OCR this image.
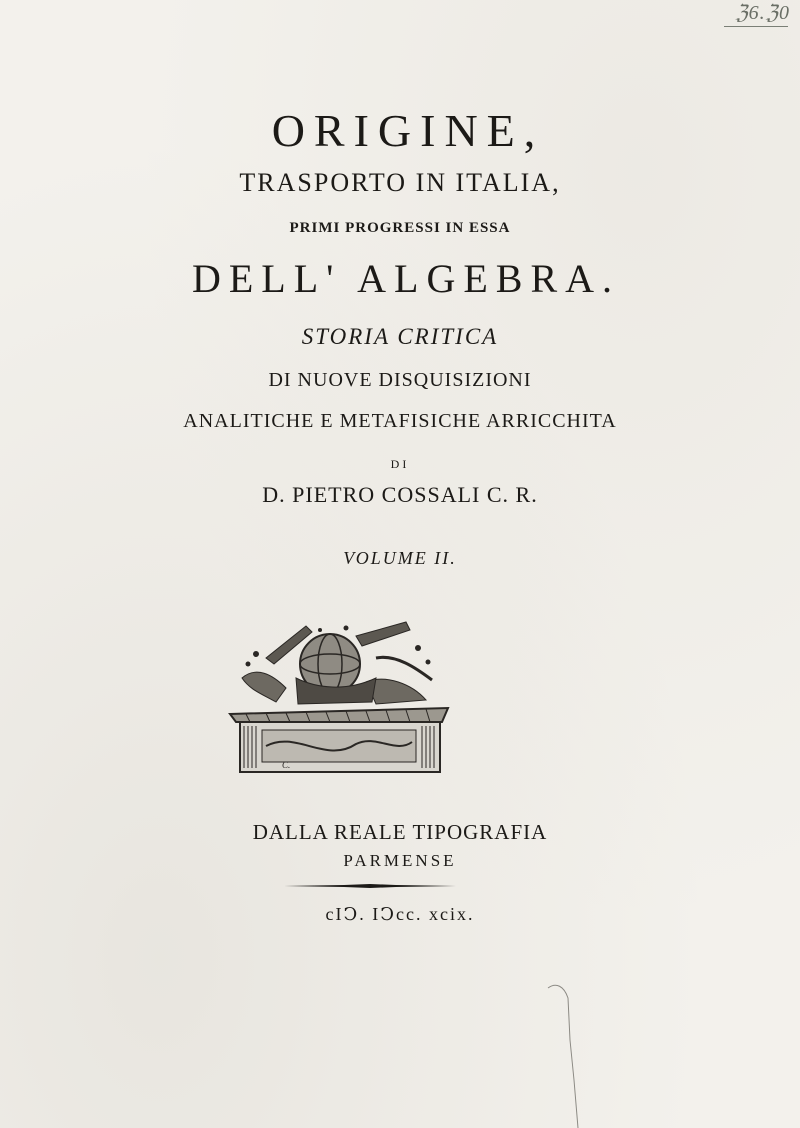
ℨ6.ℨ0
ORIGINE,
TRASPORTO IN ITALIA,
PRIMI PROGRESSI IN ESSA
DELL' ALGEBRA.
STORIA CRITICA
DI NUOVE DISQUISIZIONI
ANALITICHE E METAFISICHE ARRICCHITA
DI
D. PIETRO COSSALI C. R.
VOLUME II.
C.
DALLA REALE TIPOGRAFIA
PARMENSE
cIↃ. IↃcc. xcix.
